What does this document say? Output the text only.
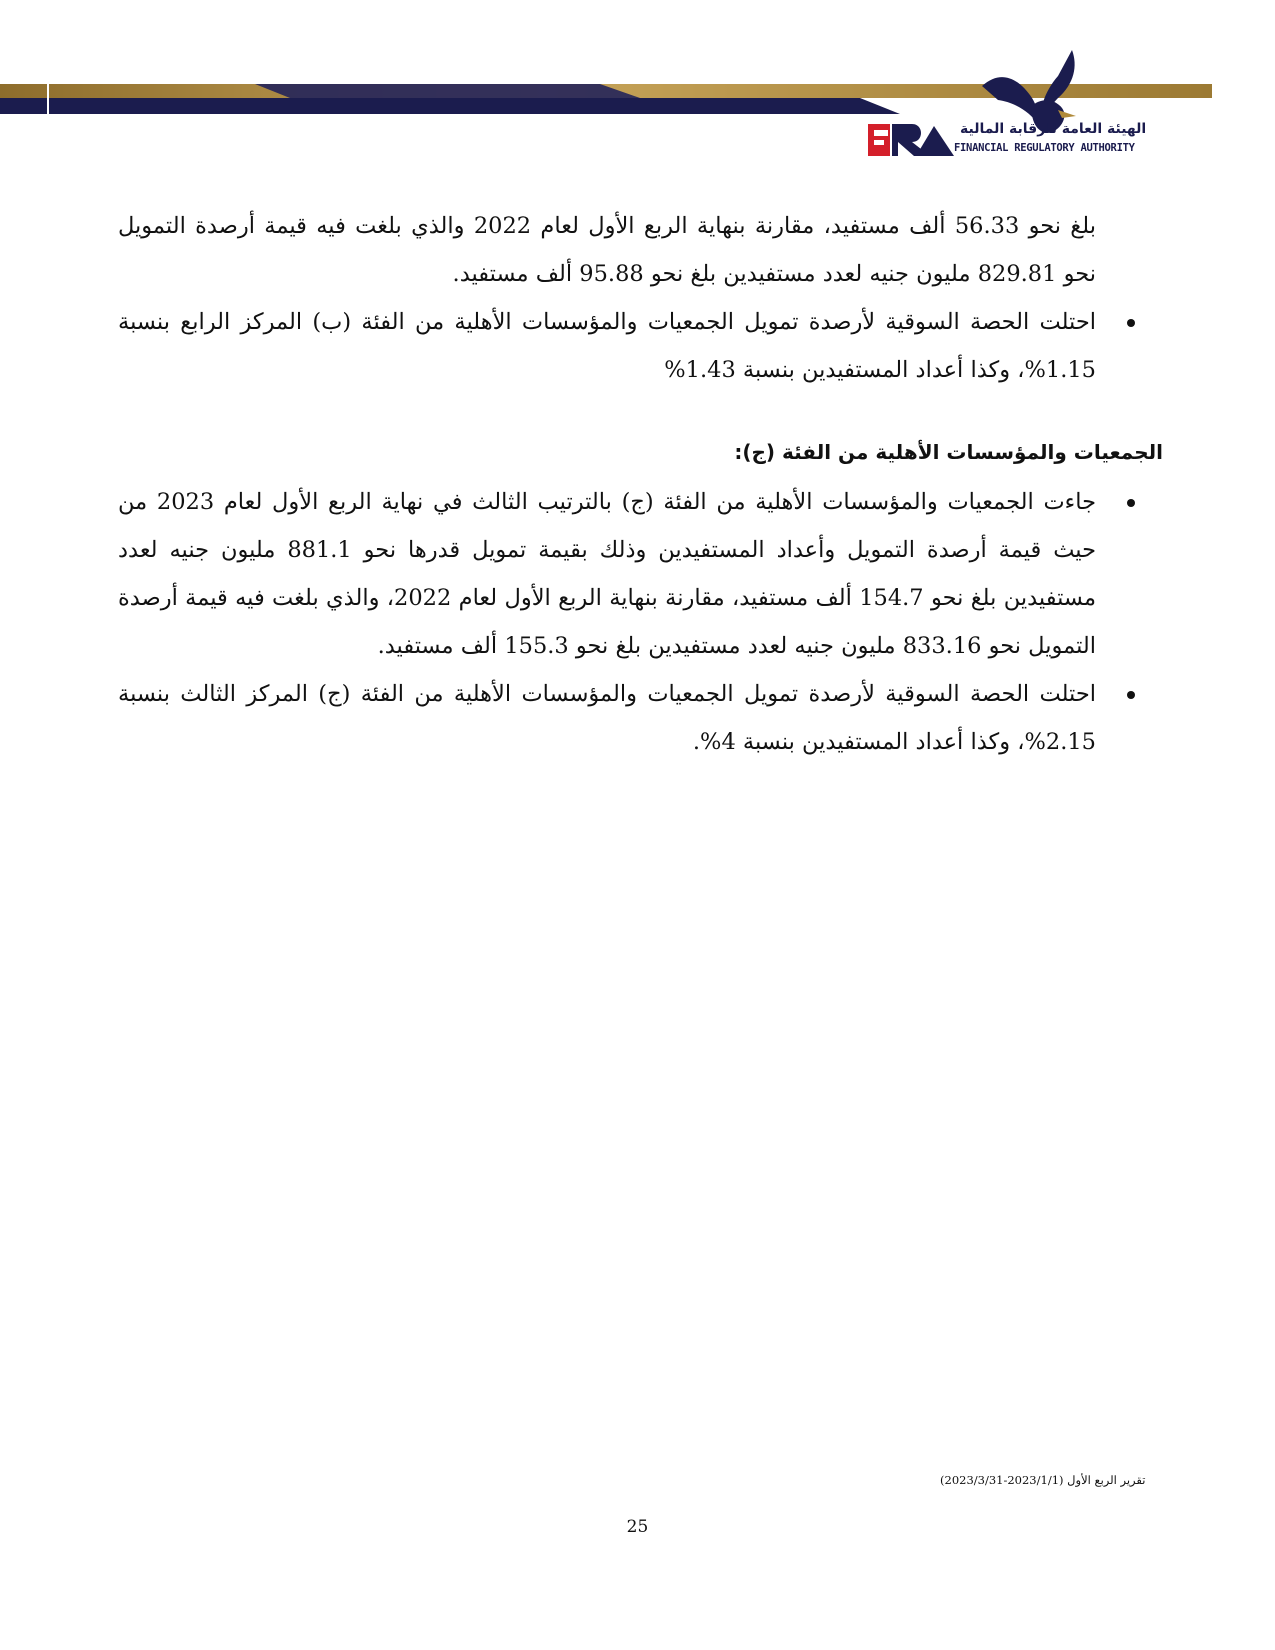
الهيئة العامة للرقابة المالية
FINANCIAL REGULATORY AUTHORITY

بلغ نحو 56.33 ألف مستفيد، مقارنة بنهاية الربع الأول لعام 2022 والذي بلغت فيه قيمة أرصدة التمويل نحو 829.81 مليون جنيه لعدد مستفيدين بلغ نحو 95.88 ألف مستفيد.

احتلت الحصة السوقية لأرصدة تمويل الجمعيات والمؤسسات الأهلية من الفئة (ب) المركز الرابع بنسبة 1.15%، وكذا أعداد المستفيدين بنسبة 1.43%
الجمعيات والمؤسسات الأهلية من الفئة (ج):
جاءت الجمعيات والمؤسسات الأهلية من الفئة (ج) بالترتيب الثالث في نهاية الربع الأول لعام 2023 من حيث قيمة أرصدة التمويل وأعداد المستفيدين وذلك بقيمة تمويل قدرها نحو 881.1 مليون جنيه لعدد مستفيدين بلغ نحو 154.7 ألف مستفيد، مقارنة بنهاية الربع الأول لعام 2022، والذي بلغت فيه قيمة أرصدة التمويل نحو 833.16 مليون جنيه لعدد مستفيدين بلغ نحو 155.3 ألف مستفيد.
احتلت الحصة السوقية لأرصدة تمويل الجمعيات والمؤسسات الأهلية من الفئة (ج) المركز الثالث بنسبة 2.15%، وكذا أعداد المستفيدين بنسبة 4%.
تقرير الربع الأول (2023/1/1-2023/3/31)
25
